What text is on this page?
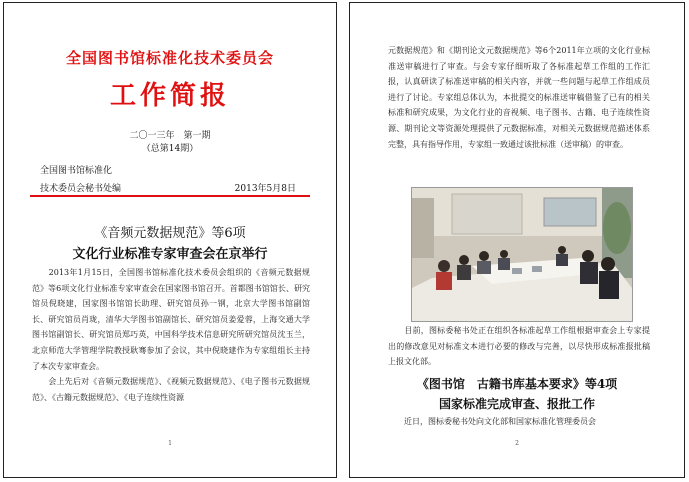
全国图书馆标准化技术委员会
工作简报
二〇一三年　第一期
（总第14期）
全国图书馆标准化
技术委员会秘书处编	2013年5月8日
《音频元数据规范》等6项
文化行业标准专家审查会在京举行

　　2013年1月15日，全国图书馆标准化技术委员会组织的《音频元数据规范》等6项文化行业标准专家审查会在国家图书馆召开。首都图书馆馆长、研究馆员倪晓建，国家图书馆馆长助理、研究馆员孙一钢，北京大学图书馆副馆长、研究馆员肖珑，清华大学图书馆副馆长、研究馆员姜爱蓉，上海交通大学图书馆副馆长、研究馆员郑巧英，中国科学技术信息研究所研究馆员沈玉兰，北京师范大学管理学院教授耿骞参加了会议，其中倪晓建作为专家组组长主持了本次专家审查会。

　　会上先后对《音频元数据规范》、《视频元数据规范》、《电子图书元数据规范》、《古籍元数据规范》、《电子连续性资源

1

元数据规范》和《期刊论文元数据规范》等6个2011年立项的文化行业标准送审稿进行了审查。与会专家仔细听取了各标准起草工作组的工作汇报，认真研读了标准送审稿的相关内容，并就一些问题与起草工作组成员进行了讨论。专家组总体认为，本批提交的标准送审稿借鉴了已有的相关标准和研究成果，为文化行业的音视频、电子图书、古籍、电子连续性资源、期刊论文等资源处理提供了元数据标准，对相关元数据规范描述体系完整，具有指导作用，专家组一致通过该批标准（送审稿）的审查。

　　目前，图标委秘书处正在组织各标准起草工作组根据审查会上专家提出的修改意见对标准文本进行必要的修改与完善，以尽快形成标准报批稿上报文化部。

《图书馆　古籍书库基本要求》等4项
国家标准完成审查、报批工作

　　近日，图标委秘书处向文化部和国家标准化管理委员会

2
